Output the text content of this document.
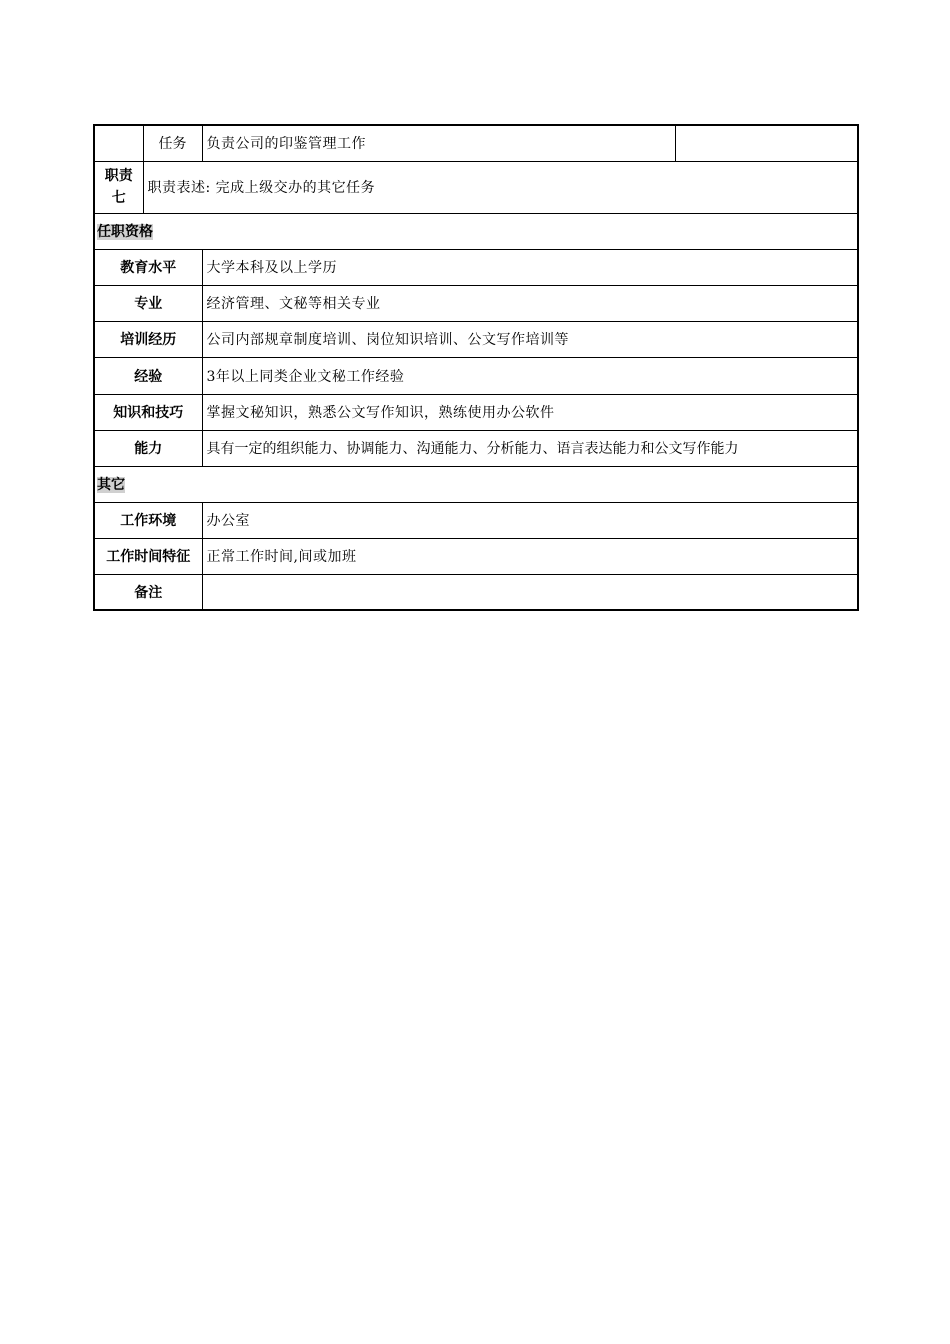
	任务	负责公司的印鉴管理工作	

职责
七	职责表述: 完成上级交办的其它任务		
任职资格			
教育水平		大学本科及以上学历	
专业		经济管理、文秘等相关专业	
培训经历		公司内部规章制度培训、岗位知识培训、公文写作培训等	
经验		3年以上同类企业文秘工作经验	
知识和技巧		掌握文秘知识，熟悉公文写作知识，熟练使用办公软件	
能力		具有一定的组织能力、协调能力、沟通能力、分析能力、语言表达能力和公文写作能力	
其它			
工作环境		办公室	
工作时间特征		正常工作时间,间或加班	
备注			
